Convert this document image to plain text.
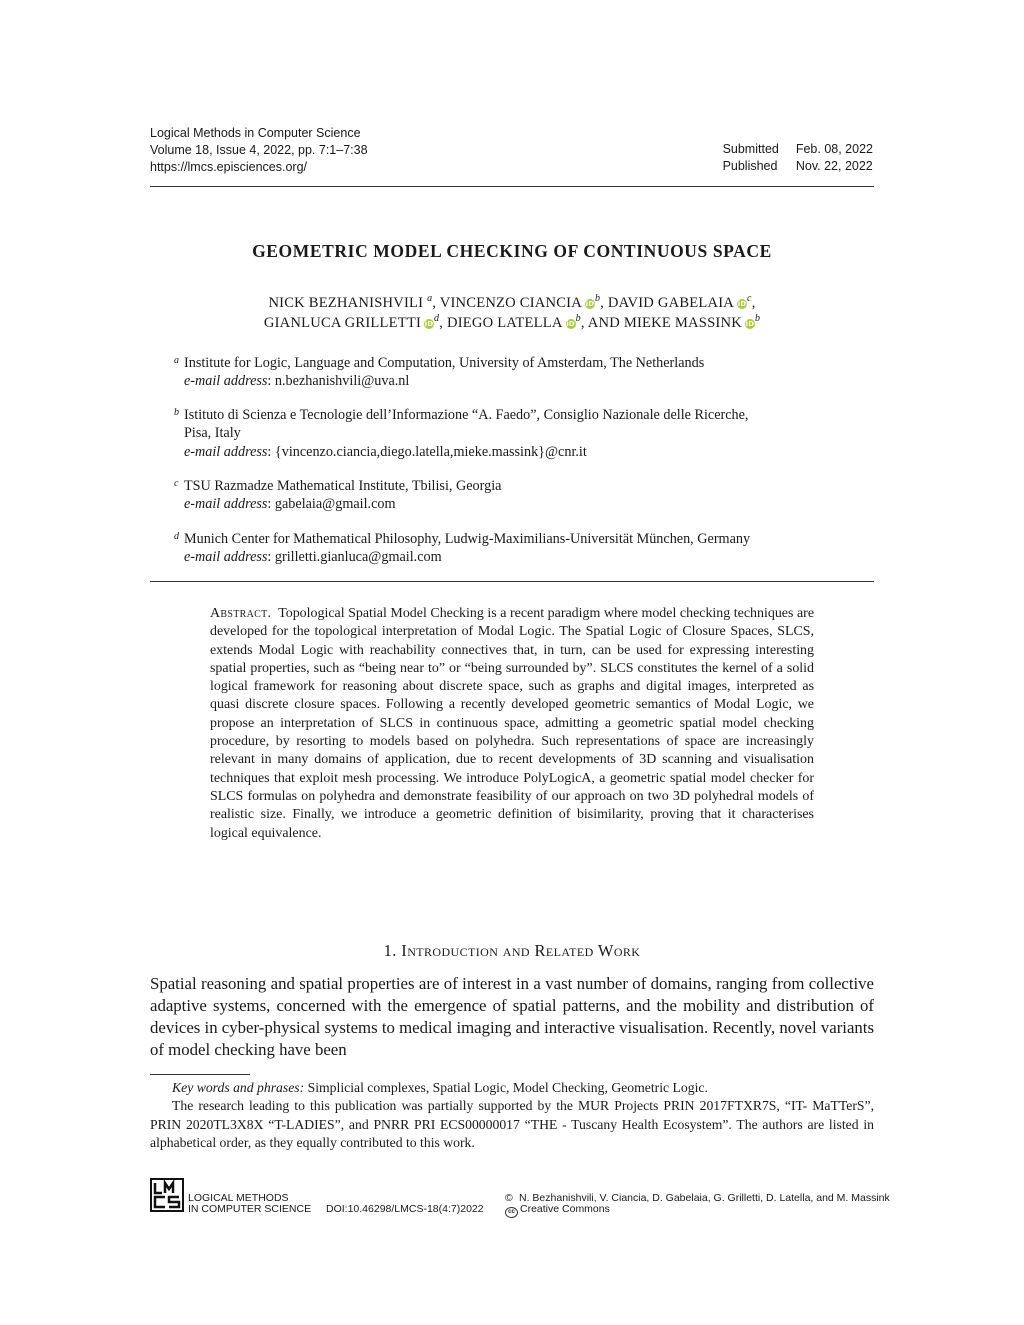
Logical Methods in Computer Science
Volume 18, Issue 4, 2022, pp. 7:1–7:38
https://lmcs.episciences.org/
Submitted	Feb. 08, 2022
Published	Nov. 22, 2022
GEOMETRIC MODEL CHECKING OF CONTINUOUS SPACE
NICK BEZHANISHVILI $^a$, VINCENZO CIANCIA $iD^b$, DAVID GABELAIA $iD^c$,
GIANLUCA GRILLETTI $iD^d$, DIEGO LATELLA $iD^b$, AND MIEKE MASSINK $iD^b$
a Institute for Logic, Language and Computation, University of Amsterdam, The Netherlands
e-mail address: n.bezhanishvili@uva.nl
b Istituto di Scienza e Tecnologie dell’Informazione “A. Faedo”, Consiglio Nazionale delle Ricerche,
Pisa, Italy
e-mail address: {vincenzo.ciancia,diego.latella,mieke.massink}@cnr.it
c TSU Razmadze Mathematical Institute, Tbilisi, Georgia
e-mail address: gabelaia@gmail.com
d Munich Center for Mathematical Philosophy, Ludwig-Maximilians-Universität München, Germany
e-mail address: grilletti.gianluca@gmail.com

Abstract. Topological Spatial Model Checking is a recent paradigm where model checking techniques are developed for the topological interpretation of Modal Logic. The Spatial Logic of Closure Spaces, SLCS, extends Modal Logic with reachability connectives that, in turn, can be used for expressing interesting spatial properties, such as “being near to” or “being surrounded by”. SLCS constitutes the kernel of a solid logical framework for reasoning about discrete space, such as graphs and digital images, interpreted as quasi discrete closure spaces. Following a recently developed geometric semantics of Modal Logic, we propose an interpretation of SLCS in continuous space, admitting a geometric spatial model checking procedure, by resorting to models based on polyhedra. Such representations of space are increasingly relevant in many domains of application, due to recent developments of 3D scanning and visualisation techniques that exploit mesh processing. We introduce PolyLogicA, a geometric spatial model checker for SLCS formulas on polyhedra and demonstrate feasibility of our approach on two 3D polyhedral models of realistic size. Finally, we introduce a geometric definition of bisimilarity, proving that it characterises logical equivalence.

1. Introduction and Related Work

Spatial reasoning and spatial properties are of interest in a vast number of domains, ranging from collective adaptive systems, concerned with the emergence of spatial patterns, and the mobility and distribution of devices in cyber-physical systems to medical imaging and interactive visualisation. Recently, novel variants of model checking have been

Key words and phrases: Simplicial complexes, Spatial Logic, Model Checking, Geometric Logic.

The research leading to this publication was partially supported by the MUR Projects PRIN 2017FTXR7S, “IT- MaTTerS”, PRIN 2020TL3X8X “T-LADIES”, and PNRR PRI ECS00000017 “THE - Tuscany Health Ecosystem”. The authors are listed in alphabetical order, as they equally contributed to this work.

LOGICAL METHODS
IN COMPUTER SCIENCE DOI:10.46298/LMCS-18(4:7)2022
© N. Bezhanishvili, V. Ciancia, D. Gabelaia, G. Grilletti, D. Latella, and M. Massink
cc Creative Commons
